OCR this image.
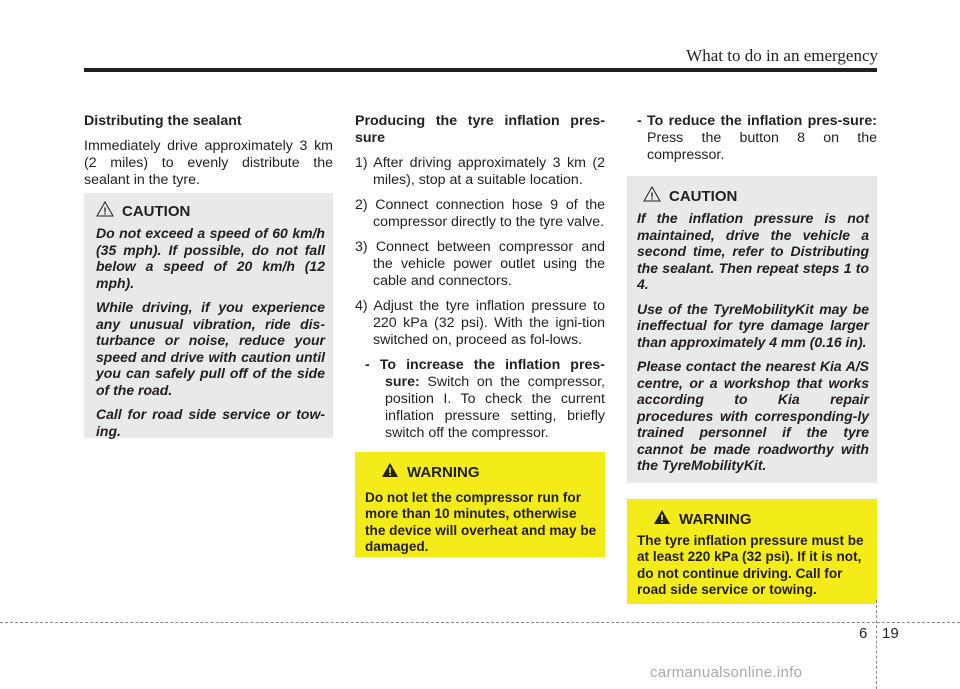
What to do in an emergency

Distributing the sealant

Immediately drive approximately 3 km (2 miles) to evenly distribute the sealant in the tyre.

! CAUTION

Do not exceed a speed of 60 km/h (35 mph). If possible, do not fall below a speed of 20 km/h (12 mph).

While driving, if you experience any unusual vibration, ride dis-turbance or noise, reduce your speed and drive with caution until you can safely pull off of the side of the road.

Call for road side service or tow-ing.

Producing the tyre inflation pres-sure

1) After driving approximately 3 km (2 miles), stop at a suitable location.

2) Connect connection hose 9 of the compressor directly to the tyre valve.

3) Connect between compressor and the vehicle power outlet using the cable and connectors.

4) Adjust the tyre inflation pressure to 220 kPa (32 psi). With the igni-tion switched on, proceed as fol-lows.

- To increase the inflation pres-sure: Switch on the compressor, position I. To check the current inflation pressure setting, briefly switch off the compressor.

WARNING

Do not let the compressor run for more than 10 minutes, otherwise the device will overheat and may be damaged.

- To reduce the inflation pres-sure: Press the button 8 on the compressor.

! CAUTION

If the inflation pressure is not maintained, drive the vehicle a second time, refer to Distributing the sealant. Then repeat steps 1 to 4.

Use of the TyreMobilityKit may be ineffectual for tyre damage larger than approximately 4 mm (0.16 in).

Please contact the nearest Kia A/S centre, or a workshop that works according to Kia repair procedures with corresponding-ly trained personnel if the tyre cannot be made roadworthy with the TyreMobilityKit.

WARNING

The tyre inflation pressure must be at least 220 kPa (32 psi). If it is not, do not continue driving. Call for road side service or towing.

6 19
carmanualsonline.info
